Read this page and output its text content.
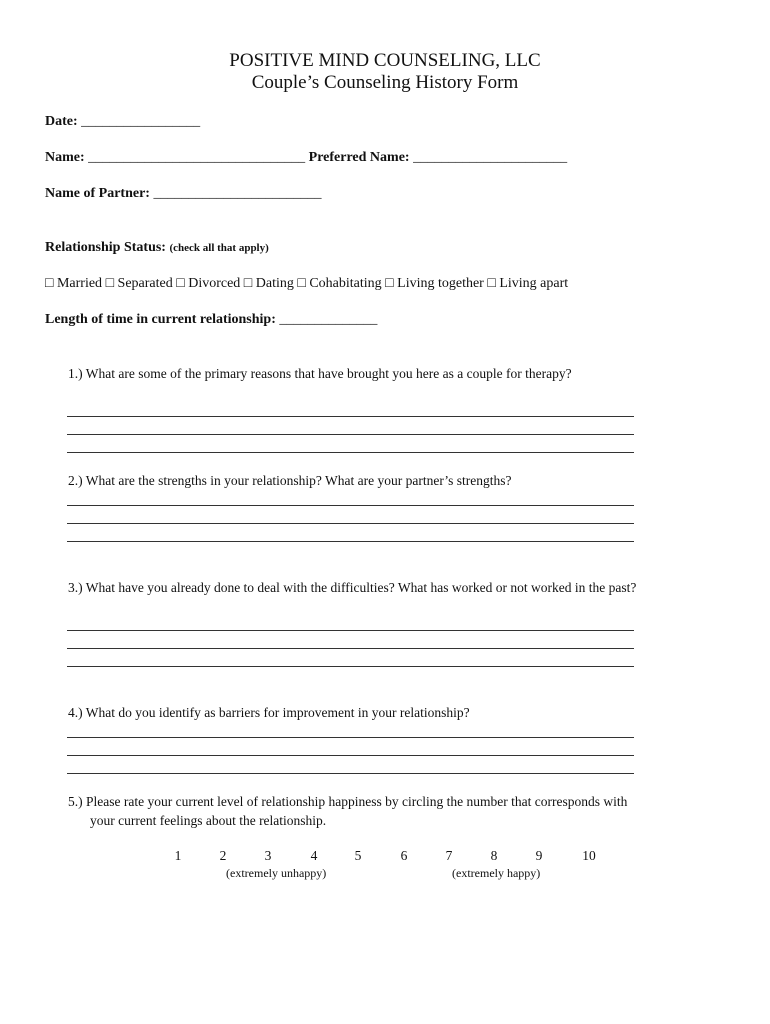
POSITIVE MIND COUNSELING, LLC
Couple’s Counseling History Form
Date: _________________
Name: _______________________________ Preferred Name: ______________________
Name of Partner: ________________________
Relationship Status: (check all that apply)
□ Married □ Separated □ Divorced □ Dating □ Cohabitating □ Living together □ Living apart
Length of time in current relationship: ______________
1.) What are some of the primary reasons that have brought you here as a couple for therapy?
2.) What are the strengths in your relationship? What are your partner’s strengths?
3.) What have you already done to deal with the difficulties? What has worked or not worked in the past?
4.) What do you identify as barriers for improvement in your relationship?
5.) Please rate your current level of relationship happiness by circling the number that corresponds with
your current feelings about the relationship.
1	2	3	4	5	6	7	8	9	10
(extremely unhappy)	(extremely happy)
